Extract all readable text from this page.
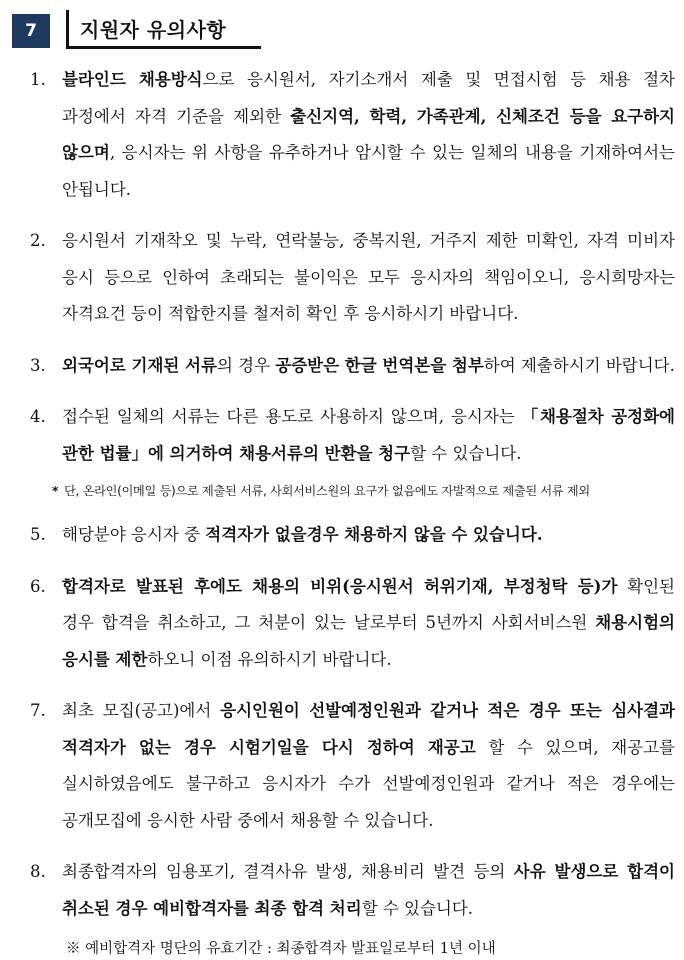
7	지원자 유의사항
1. 블라인드 채용방식으로 응시원서, 자기소개서 제출 및 면접시험 등 채용 절차 과정에서 자격 기준을 제외한 출신지역, 학력, 가족관계, 신체조건 등을 요구하지 않으며, 응시자는 위 사항을 유추하거나 암시할 수 있는 일체의 내용을 기재하여서는 안됩니다.
2. 응시원서 기재착오 및 누락, 연락불능, 중복지원, 거주지 제한 미확인, 자격 미비자 응시 등으로 인하여 초래되는 불이익은 모두 응시자의 책임이오니, 응시희망자는 자격요건 등이 적합한지를 철저히 확인 후 응시하시기 바랍니다.
3. 외국어로 기재된 서류의 경우 공증받은 한글 번역본을 첨부하여 제출하시기 바랍니다.
4. 접수된 일체의 서류는 다른 용도로 사용하지 않으며, 응시자는 「채용절차 공정화에 관한 법률」에 의거하여 채용서류의 반환을 청구할 수 있습니다.
* 단, 온라인(이메일 등)으로 제출된 서류, 사회서비스원의 요구가 없음에도 자발적으로 제출된 서류 제외
5. 해당분야 응시자 중 적격자가 없을경우 채용하지 않을 수 있습니다.
6. 합격자로 발표된 후에도 채용의 비위(응시원서 허위기재, 부정청탁 등)가 확인된 경우 합격을 취소하고, 그 처분이 있는 날로부터 5년까지 사회서비스원 채용시험의 응시를 제한하오니 이점 유의하시기 바랍니다.
7. 최초 모집(공고)에서 응시인원이 선발예정인원과 같거나 적은 경우 또는 심사결과 적격자가 없는 경우 시험기일을 다시 정하여 재공고 할 수 있으며, 재공고를 실시하였음에도 불구하고 응시자가 수가 선발예정인원과 같거나 적은 경우에는 공개모집에 응시한 사람 중에서 채용할 수 있습니다.
8. 최종합격자의 임용포기, 결격사유 발생, 채용비리 발견 등의 사유 발생으로 합격이 취소된 경우 예비합격자를 최종 합격 처리할 수 있습니다.
※ 예비합격자 명단의 유효기간 : 최종합격자 발표일로부터 1년 이내
